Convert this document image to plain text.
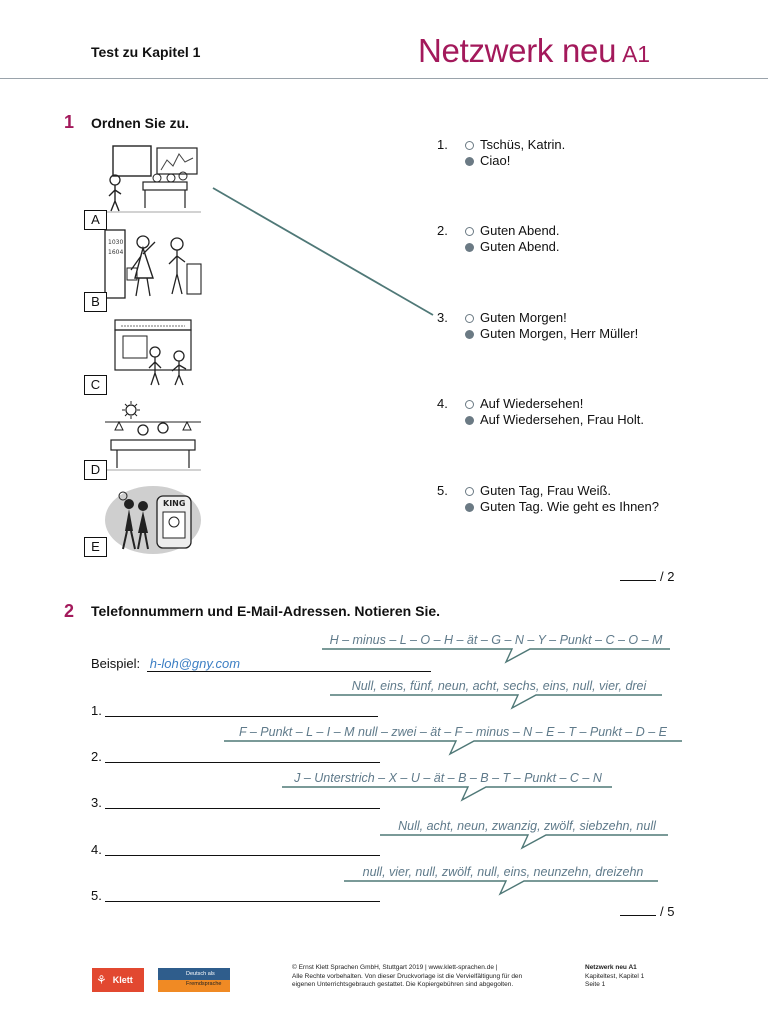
Test zu Kapitel 1	Netzwerk neu A1
1 Ordnen Sie zu.
A
1030
1604
B
C
D
KING
E
1.	Tschüs, Katrin.
Ciao!
2.	Guten Abend.
Guten Abend.
3.	Guten Morgen!
Guten Morgen, Herr Müller!
4.	Auf Wiedersehen!
Auf Wiedersehen, Frau Holt.
5.	Guten Tag, Frau Weiß.
Guten Tag. Wie geht es Ihnen?
/ 2
2 Telefonnummern und E-Mail-Adressen. Notieren Sie.
H – minus – L – O – H – ät – G – N – Y – Punkt – C – O – M
Null, eins, fünf, neun, acht, sechs, eins, null, vier, drei
F – Punkt – L – I – M null – zwei – ät – F – minus – N – E – T – Punkt – D – E
J – Unterstrich – X – U – ät – B – B – T – Punkt – C – N
Null, acht, neun, zwanzig, zwölf, siebzehn, null
null, vier, null, zwölf, null, eins, neunzehn, dreizehn
Beispiel: h-loh@gny.com
1.
2.
3.
4.
5.
/ 5
⚘ Klett
Deutsch als
Fremdsprache
© Ernst Klett Sprachen GmbH, Stuttgart 2019 | www.klett-sprachen.de |
Alle Rechte vorbehalten. Von dieser Druckvorlage ist die Vervielfältigung für den
eigenen Unterrichtsgebrauch gestattet. Die Kopiergebühren sind abgegolten.
Netzwerk neu A1
Kapiteltest, Kapitel 1
Seite 1
